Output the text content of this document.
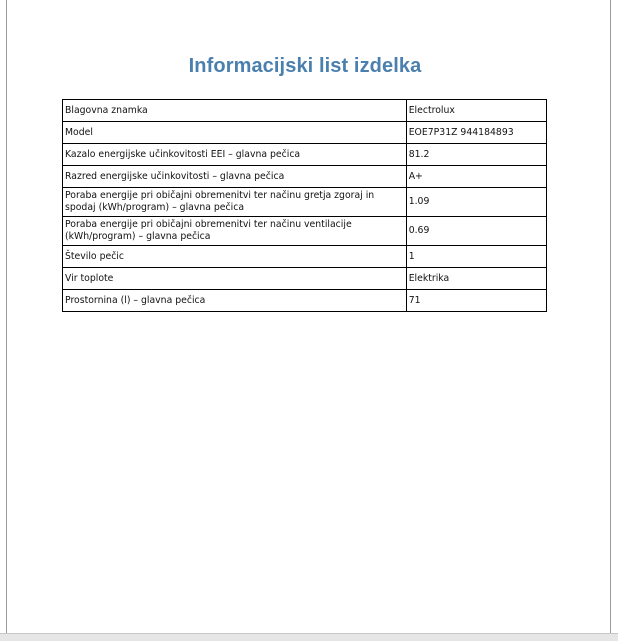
Informacijski list izdelka
Blagovna znamka	Electrolux
Model	EOE7P31Z 944184893
Kazalo energijske učinkovitosti EEI – glavna pečica	81.2
Razred energijske učinkovitosti – glavna pečica	A+
Poraba energije pri običajni obremenitvi ter načinu gretja zgoraj in spodaj (kWh/program) – glavna pečica	1.09
Poraba energije pri običajni obremenitvi ter načinu ventilacije (kWh/program) – glavna pečica	0.69
Število pečic	1
Vir toplote	Elektrika
Prostornina (l) – glavna pečica	71
